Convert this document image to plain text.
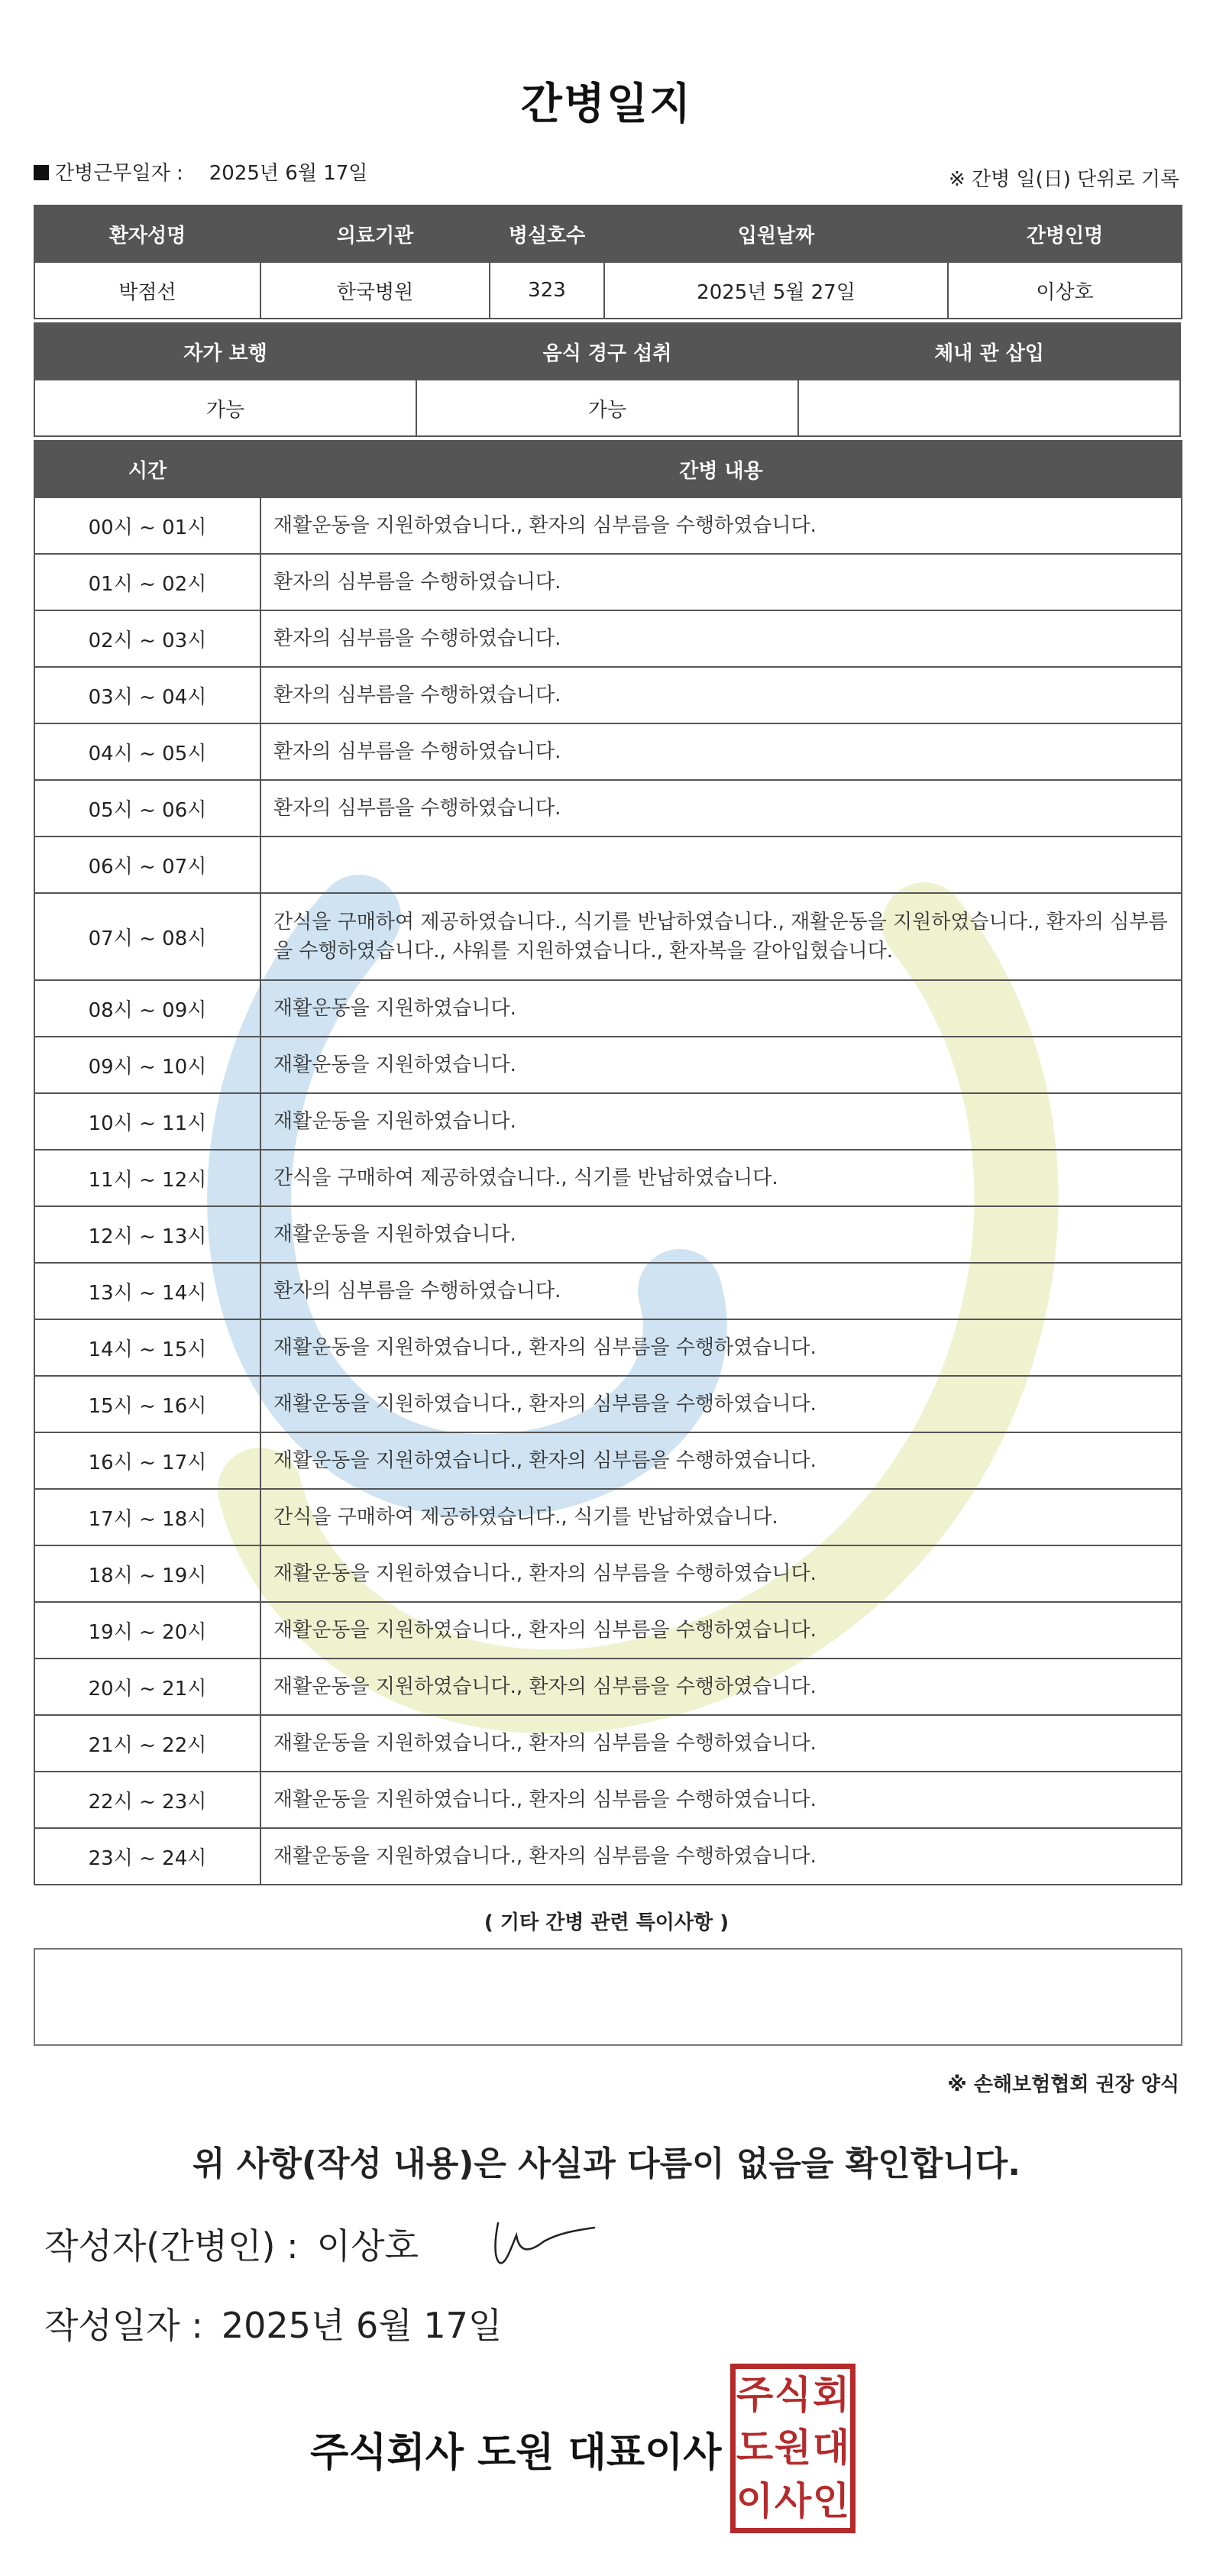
간병일지
간병근무일자 : 2025년 6월 17일	※ 간병 일(日) 단위로 기록
환자성명	의료기관	병실호수	입원날짜	간병인명
박점선	한국병원	323	2025년 5월 27일	이상호
자가 보행	음식 경구 섭취	체내 관 삽입
가능	가능	
시간	간병 내용
00시 ~ 01시	재활운동을 지원하였습니다., 환자의 심부름을 수행하였습니다.
01시 ~ 02시	환자의 심부름을 수행하였습니다.
02시 ~ 03시	환자의 심부름을 수행하였습니다.
03시 ~ 04시	환자의 심부름을 수행하였습니다.
04시 ~ 05시	환자의 심부름을 수행하였습니다.
05시 ~ 06시	환자의 심부름을 수행하였습니다.
06시 ~ 07시	
07시 ~ 08시	간식을 구매하여 제공하였습니다., 식기를 반납하였습니다., 재활운동을 지원하였습니다., 환자의 심부름을 수행하였습니다., 샤워를 지원하였습니다., 환자복을 갈아입혔습니다.
08시 ~ 09시	재활운동을 지원하였습니다.
09시 ~ 10시	재활운동을 지원하였습니다.
10시 ~ 11시	재활운동을 지원하였습니다.
11시 ~ 12시	간식을 구매하여 제공하였습니다., 식기를 반납하였습니다.
12시 ~ 13시	재활운동을 지원하였습니다.
13시 ~ 14시	환자의 심부름을 수행하였습니다.
14시 ~ 15시	재활운동을 지원하였습니다., 환자의 심부름을 수행하였습니다.
15시 ~ 16시	재활운동을 지원하였습니다., 환자의 심부름을 수행하였습니다.
16시 ~ 17시	재활운동을 지원하였습니다., 환자의 심부름을 수행하였습니다.
17시 ~ 18시	간식을 구매하여 제공하였습니다., 식기를 반납하였습니다.
18시 ~ 19시	재활운동을 지원하였습니다., 환자의 심부름을 수행하였습니다.
19시 ~ 20시	재활운동을 지원하였습니다., 환자의 심부름을 수행하였습니다.
20시 ~ 21시	재활운동을 지원하였습니다., 환자의 심부름을 수행하였습니다.
21시 ~ 22시	재활운동을 지원하였습니다., 환자의 심부름을 수행하였습니다.
22시 ~ 23시	재활운동을 지원하였습니다., 환자의 심부름을 수행하였습니다.
23시 ~ 24시	재활운동을 지원하였습니다., 환자의 심부름을 수행하였습니다.
( 기타 간병 관련 특이사항 )
※ 손해보험협회 권장 양식
위 사항(작성 내용)은 사실과 다름이 없음을 확인합니다.
작성자(간병인) : 이상호
작성일자 : 2025년 6월 17일
주식회사 도원 대표이사
주 식 회
도 원 대
이 사 인
